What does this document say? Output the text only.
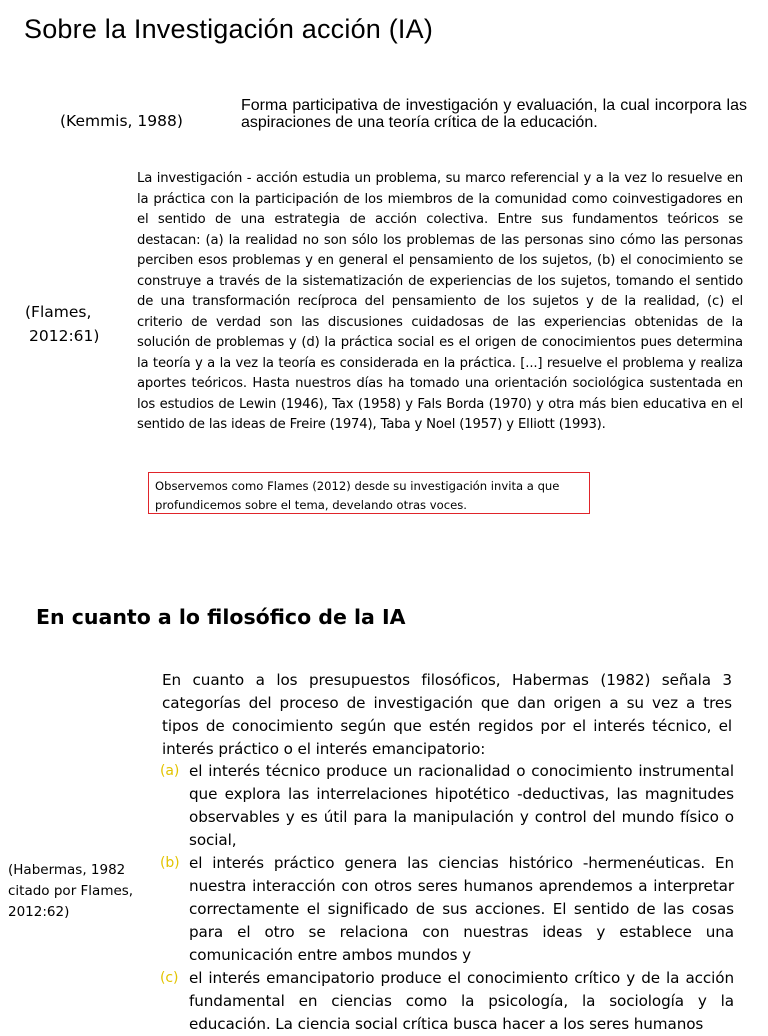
Sobre la Investigación acción (IA)
(Kemmis, 1988)
Forma participativa de investigación y evaluación, la cual incorpora las aspiraciones de una teoría crítica de la educación.
(Flames,
2012:61)
La investigación - acción estudia un problema, su marco referencial y a la vez lo resuelve en la práctica con la participación de los miembros de la comunidad como coinvestigadores en el sentido de una estrategia de acción colectiva. Entre sus fundamentos teóricos se destacan: (a) la realidad no son sólo los problemas de las personas sino cómo las personas perciben esos problemas y en general el pensamiento de los sujetos, (b) el conocimiento se construye a través de la sistematización de experiencias de los sujetos, tomando el sentido de una transformación recíproca del pensamiento de los sujetos y de la realidad, (c) el criterio de verdad son las discusiones cuidadosas de las experiencias obtenidas de la solución de problemas y (d) la práctica social es el origen de conocimientos pues determina la teoría y a la vez la teoría es considerada en la práctica. [...] resuelve el problema y realiza aportes teóricos. Hasta nuestros días ha tomado una orientación sociológica sustentada en los estudios de Lewin (1946), Tax (1958) y Fals Borda (1970) y otra más bien educativa en el sentido de las ideas de Freire (1974), Taba y Noel (1957) y Elliott (1993).
Observemos como Flames (2012) desde su investigación invita a que profundicemos sobre el tema, develando otras voces.
En cuanto a lo filosófico de la IA
En cuanto a los presupuestos filosóficos, Habermas (1982) señala 3 categorías del proceso de investigación que dan origen a su vez a tres tipos de conocimiento según que estén regidos por el interés técnico, el interés práctico o el interés emancipatorio:
(a) el interés técnico produce un racionalidad o conocimiento instrumental que explora las interrelaciones hipotético -deductivas, las magnitudes observables y es útil para la manipulación y control del mundo físico o social,
(b) el interés práctico genera las ciencias histórico -hermenéuticas. En nuestra interacción con otros seres humanos aprendemos a interpretar correctamente el significado de sus acciones. El sentido de las cosas para el otro se relaciona con nuestras ideas y establece una comunicación entre ambos mundos y
(c) el interés emancipatorio produce el conocimiento crítico y de la acción fundamental en ciencias como la psicología, la sociología y la educación. La ciencia social crítica busca hacer a los seres humanos
(Habermas, 1982
citado por Flames,
2012:62)
